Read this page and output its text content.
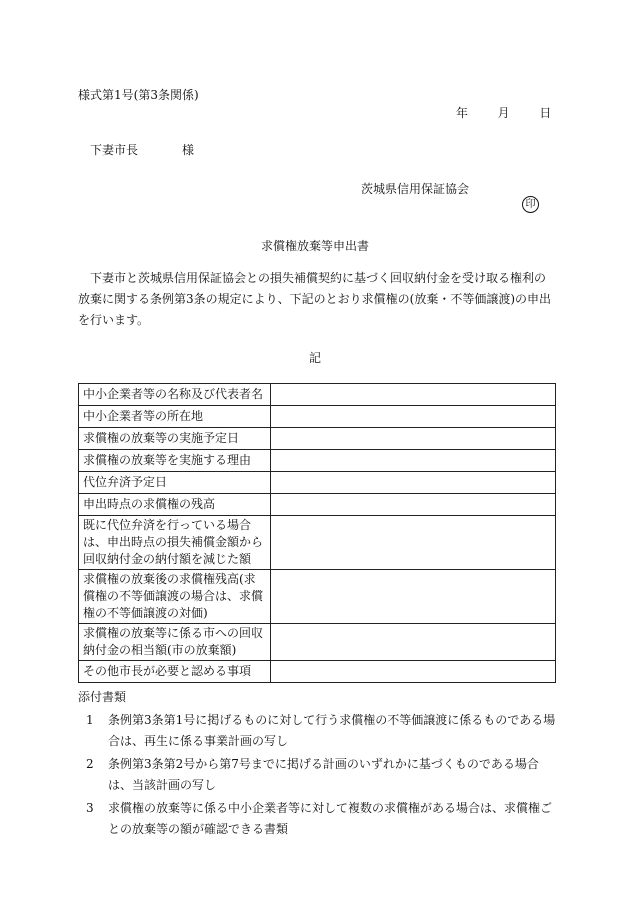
様式第1号(第3条関係)
年 月 日
下妻市長	様
茨城県信用保証協会
印
求償権放棄等申出書
下妻市と茨城県信用保証協会との損失補償契約に基づく回収納付金を受け取る権利の放棄に関する条例第3条の規定により、下記のとおり求償権の(放棄・不等価譲渡)の申出を行います。
記
中小企業者等の名称及び代表者名	
中小企業者等の所在地	
求償権の放棄等の実施予定日	
求償権の放棄等を実施する理由	
代位弁済予定日	
申出時点の求償権の残高	
既に代位弁済を行っている場合は、申出時点の損失補償金額から回収納付金の納付額を減じた額	
求償権の放棄後の求償権残高(求償権の不等価譲渡の場合は、求償権の不等価譲渡の対価)	
求償権の放棄等に係る市への回収納付金の相当額(市の放棄額)	
その他市長が必要と認める事項	
添付書類
1	条例第3条第1号に掲げるものに対して行う求償権の不等価譲渡に係るものである場合は、再生に係る事業計画の写し
2	条例第3条第2号から第7号までに掲げる計画のいずれかに基づくものである場合は、当該計画の写し
3	求償権の放棄等に係る中小企業者等に対して複数の求償権がある場合は、求償権ごとの放棄等の額が確認できる書類
